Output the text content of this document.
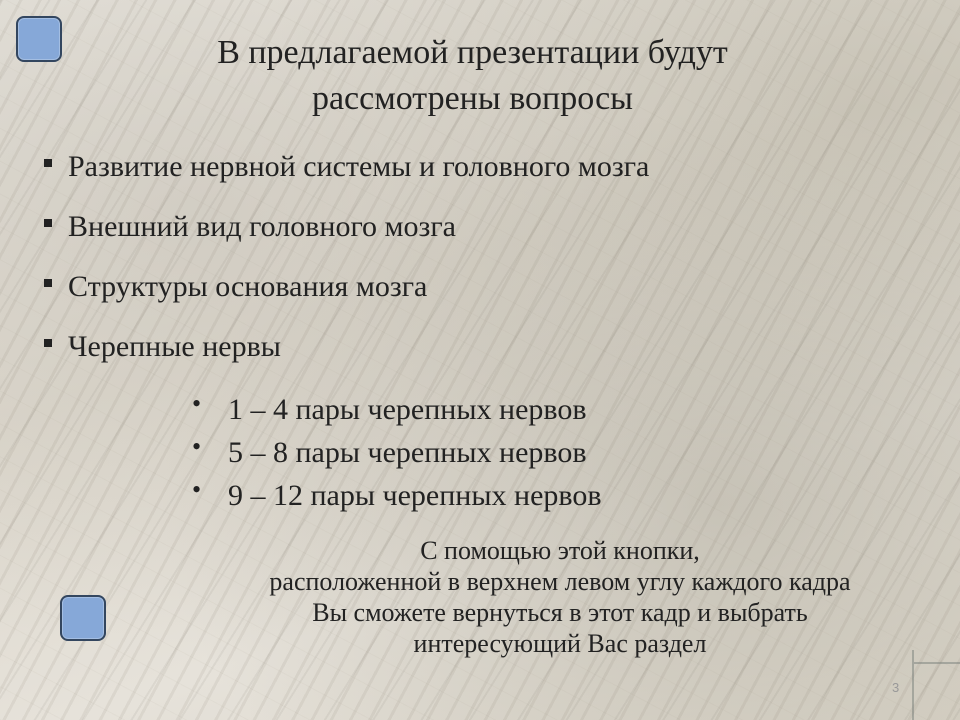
В предлагаемой презентации будут
рассмотрены вопросы
Развитие нервной системы и головного мозга
Внешний вид головного мозга
Структуры основания мозга
Черепные нервы
• 1 – 4 пары черепных нервов
• 5 – 8 пары черепных нервов
• 9 – 12 пары черепных нервов
С помощью этой кнопки,
расположенной в верхнем левом углу каждого кадра
Вы сможете вернуться в этот кадр и выбрать
интересующий Вас раздел
3
